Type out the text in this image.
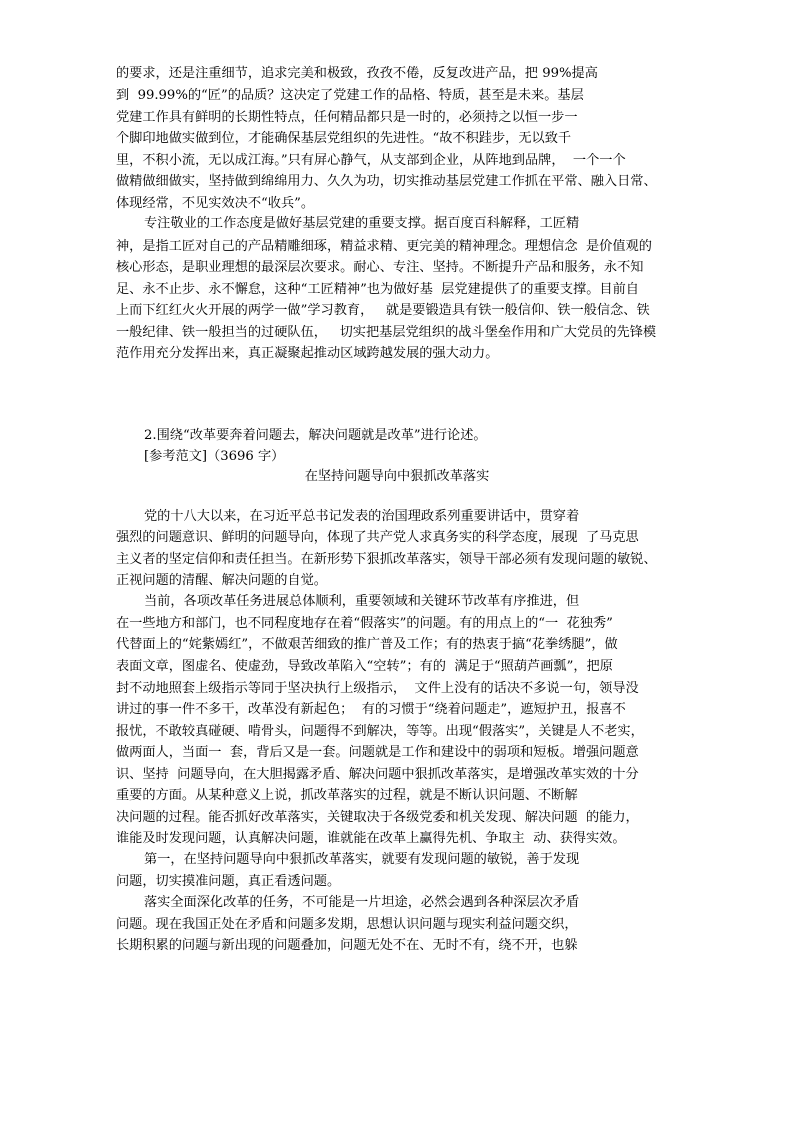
的要求，还是注重细节，追求完美和极致，孜孜不倦，反复改进产品，把 99%提高
到  99.99%的“匠”的品质？这决定了党建工作的品格、特质，甚至是未来。基层
党建工作具有鲜明的长期性特点，任何精品都只是一时的，必须持之以恒一步一
个脚印地做实做到位，才能确保基层党组织的先进性。“故不积跬步，无以致千
里，不积小流，无以成江海。”只有屏心静气，从支部到企业，从阵地到品牌，  一个一个
做精做细做实，坚持做到绵绵用力、久久为功，切实推动基层党建工作抓在平常、融入日常、
体现经常，不见实效决不“收兵”。
专注敬业的工作态度是做好基层党建的重要支撑。据百度百科解释，工匠精
神，是指工匠对自己的产品精雕细琢，精益求精、更完美的精神理念。理想信念  是价值观的
核心形态，是职业理想的最深层次要求。耐心、专注、坚持。不断提升产品和服务，永不知
足、永不止步、永不懈怠，这种“工匠精神”也为做好基  层党建提供了的重要支撑。目前自
上而下红红火火开展的两学一做”学习教育，   就是要锻造具有铁一般信仰、铁一般信念、铁
一般纪律、铁一般担当的过硬队伍，   切实把基层党组织的战斗堡垒作用和广大党员的先锋模
范作用充分发挥出来，真正凝聚起推动区域跨越发展的强大动力。
2.围绕“改革要奔着问题去，解决问题就是改革”进行论述。
[参考范文]（3696 字）
在坚持问题导向中狠抓改革落实
党的十八大以来，在习近平总书记发表的治国理政系列重要讲话中，贯穿着
强烈的问题意识、鲜明的问题导向，体现了共产党人求真务实的科学态度，展现  了马克思
主义者的坚定信仰和责任担当。在新形势下狠抓改革落实，领导干部必须有发现问题的敏锐、
正视问题的清醒、解决问题的自觉。
当前，各项改革任务进展总体顺利，重要领域和关键环节改革有序推进，但
在一些地方和部门，也不同程度地存在着“假落实”的问题。有的用点上的“一  花独秀”
代替面上的“姹紫嫣红”，不做艰苦细致的推广普及工作；有的热衷于搞“花拳绣腿”，做
表面文章，图虚名、使虚劲，导致改革陷入“空转”；有的  满足于“照葫芦画瓢”，把原
封不动地照套上级指示等同于坚决执行上级指示，  文件上没有的话决不多说一句，领导没
讲过的事一件不多干，改革没有新起色；  有的习惯于“绕着问题走”，遮短护丑，报喜不
报忧，不敢较真碰硬、啃骨头，问题得不到解决，等等。出现“假落实”，关键是人不老实，
做两面人，当面一  套，背后又是一套。问题就是工作和建设中的弱项和短板。增强问题意
识、坚持  问题导向，在大胆揭露矛盾、解决问题中狠抓改革落实，是增强改革实效的十分
重要的方面。从某种意义上说，抓改革落实的过程，就是不断认识问题、不断解
决问题的过程。能否抓好改革落实，关键取决于各级党委和机关发现、解决问题  的能力，
谁能及时发现问题，认真解决问题，谁就能在改革上赢得先机、争取主  动、获得实效。
第一，在坚持问题导向中狠抓改革落实，就要有发现问题的敏锐，善于发现
问题，切实摸准问题，真正看透问题。
落实全面深化改革的任务，不可能是一片坦途，必然会遇到各种深层次矛盾
问题。现在我国正处在矛盾和问题多发期，思想认识问题与现实利益问题交织，
长期积累的问题与新出现的问题叠加，问题无处不在、无时不有，绕不开，也躲
